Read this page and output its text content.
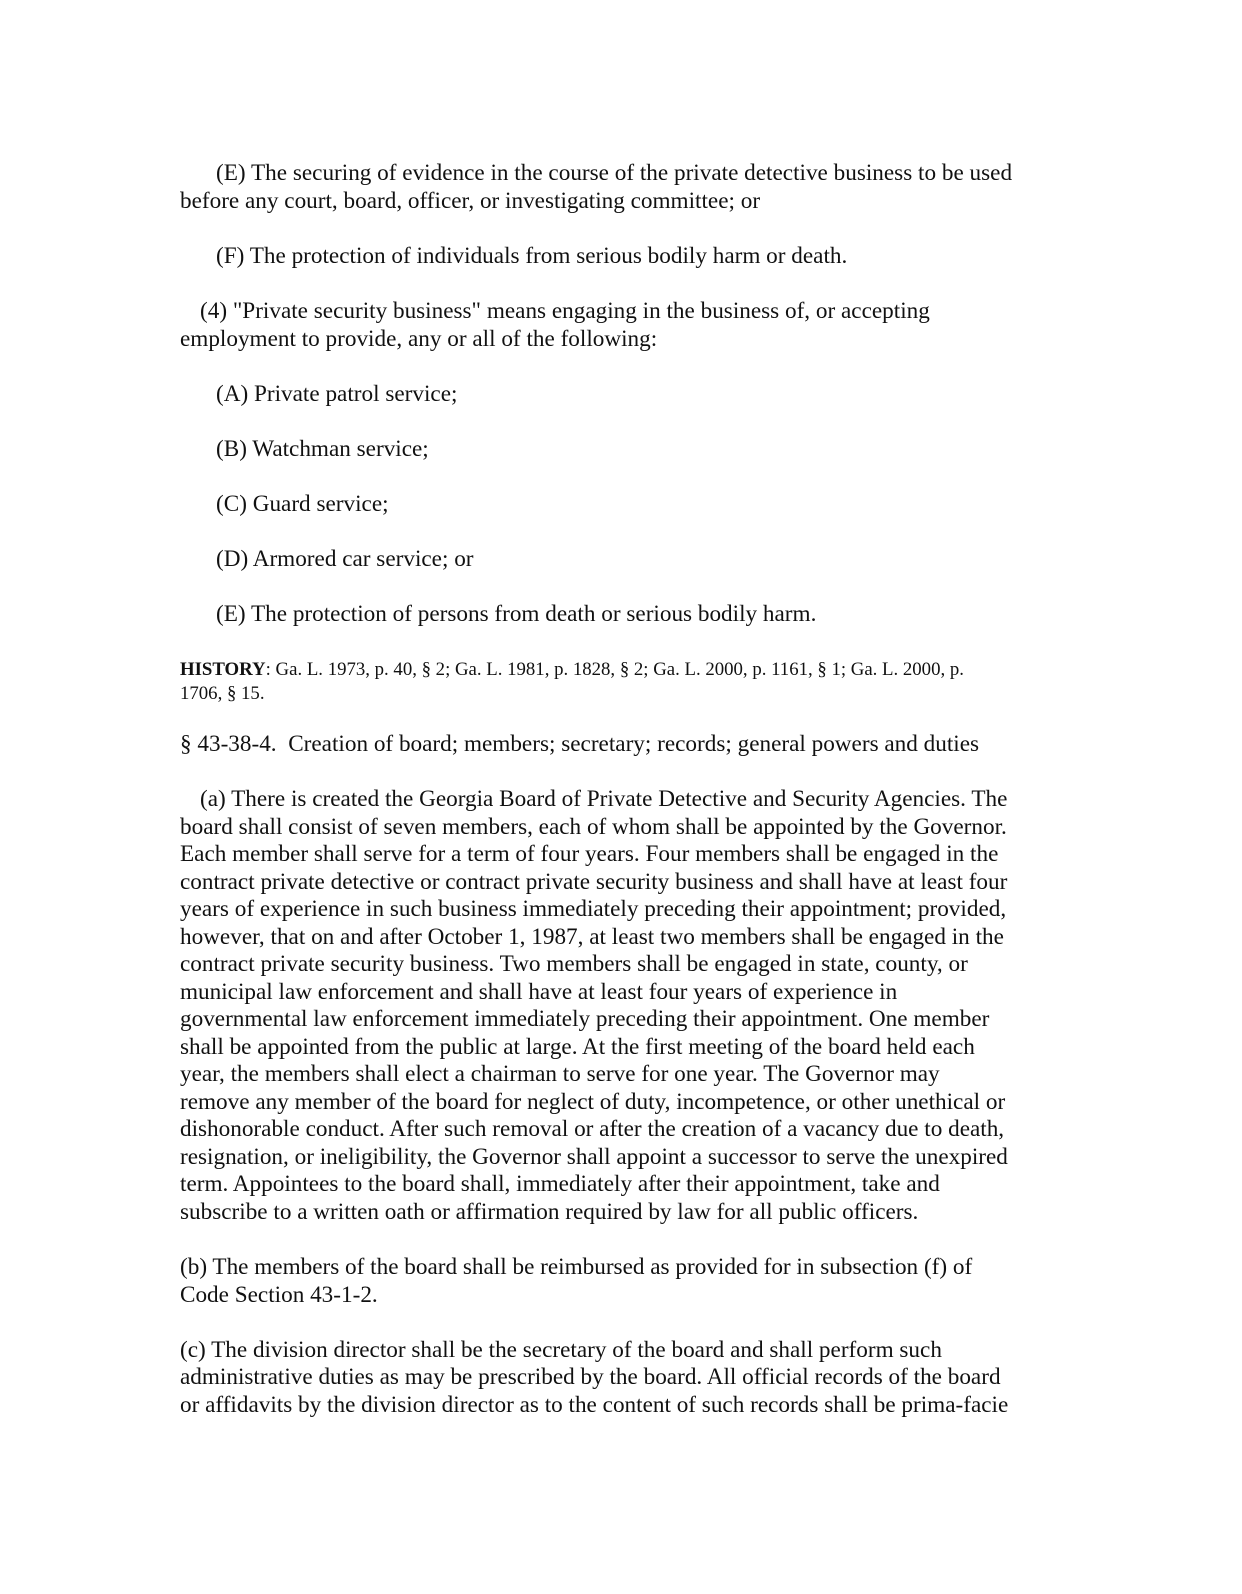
(E) The securing of evidence in the course of the private detective business to be used
before any court, board, officer, or investigating committee; or
(F) The protection of individuals from serious bodily harm or death.
(4) "Private security business" means engaging in the business of, or accepting
employment to provide, any or all of the following:
(A) Private patrol service;
(B) Watchman service;
(C) Guard service;
(D) Armored car service; or
(E) The protection of persons from death or serious bodily harm.
HISTORY: Ga. L. 1973, p. 40, § 2; Ga. L. 1981, p. 1828, § 2; Ga. L. 2000, p. 1161, § 1; Ga. L. 2000, p.
1706, § 15.
§ 43-38-4.  Creation of board; members; secretary; records; general powers and duties
(a) There is created the Georgia Board of Private Detective and Security Agencies. The
board shall consist of seven members, each of whom shall be appointed by the Governor.
Each member shall serve for a term of four years. Four members shall be engaged in the
contract private detective or contract private security business and shall have at least four
years of experience in such business immediately preceding their appointment; provided,
however, that on and after October 1, 1987, at least two members shall be engaged in the
contract private security business. Two members shall be engaged in state, county, or
municipal law enforcement and shall have at least four years of experience in
governmental law enforcement immediately preceding their appointment. One member
shall be appointed from the public at large. At the first meeting of the board held each
year, the members shall elect a chairman to serve for one year. The Governor may
remove any member of the board for neglect of duty, incompetence, or other unethical or
dishonorable conduct. After such removal or after the creation of a vacancy due to death,
resignation, or ineligibility, the Governor shall appoint a successor to serve the unexpired
term. Appointees to the board shall, immediately after their appointment, take and
subscribe to a written oath or affirmation required by law for all public officers.
(b) The members of the board shall be reimbursed as provided for in subsection (f) of
Code Section 43-1-2.
(c) The division director shall be the secretary of the board and shall perform such
administrative duties as may be prescribed by the board. All official records of the board
or affidavits by the division director as to the content of such records shall be prima-facie
